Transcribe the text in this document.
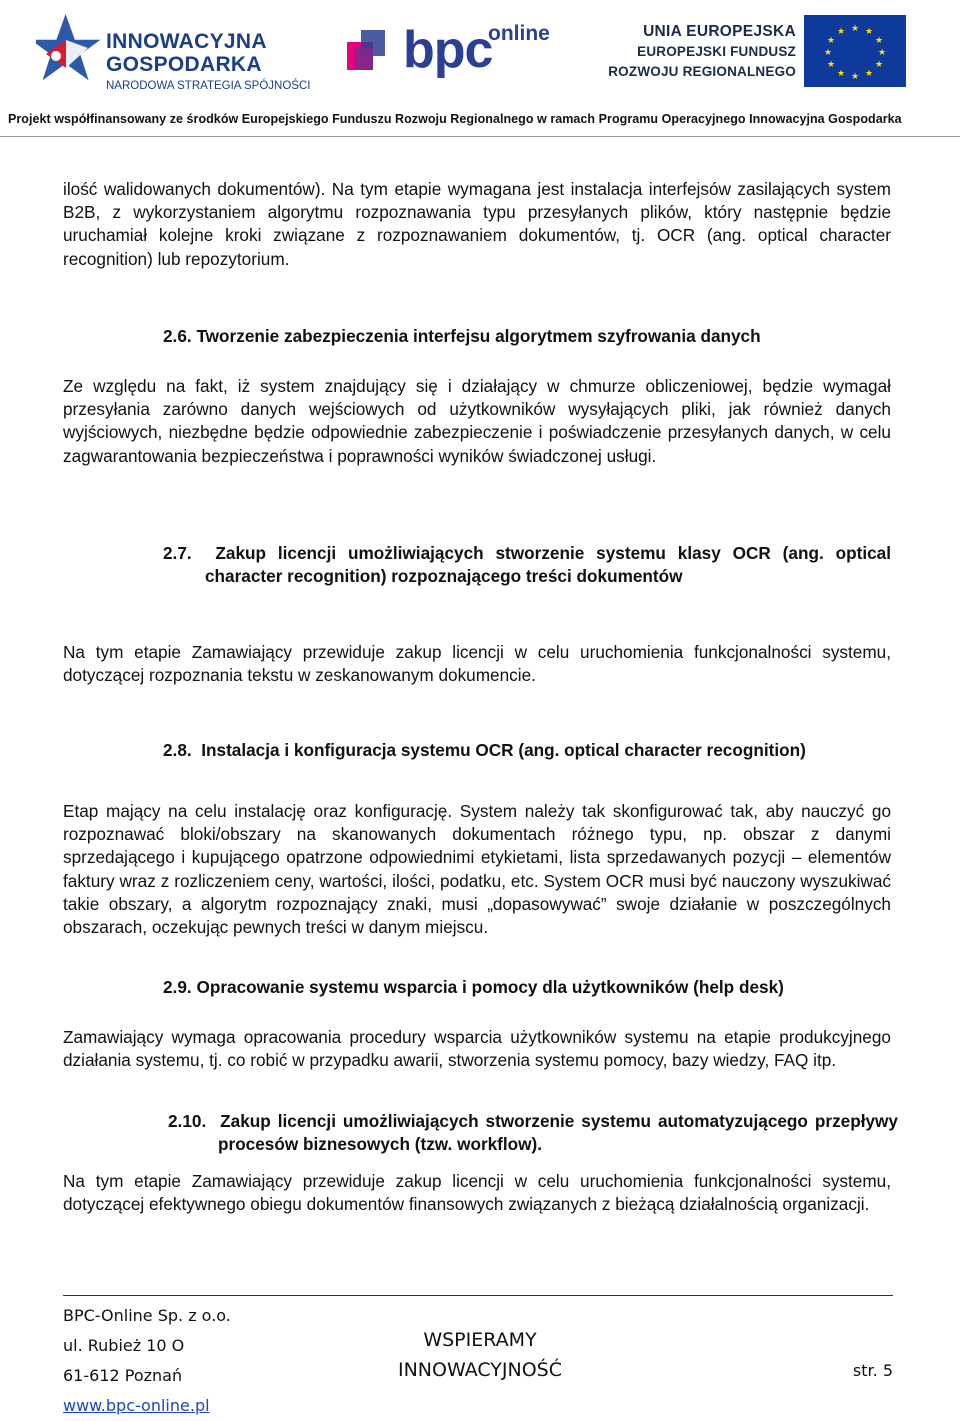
INNOWACYJNA
GOSPODARKA
NARODOWA STRATEGIA SPÓJNOŚCI
bpc
online	UNIA EUROPEJSKA
EUROPEJSKI FUNDUSZ
ROZWOJU REGIONALNEGO
★ ★
★
★
★
★
★
★
★
★
★
★
Projekt współfinansowany ze środków Europejskiego Funduszu Rozwoju Regionalnego w ramach Programu Operacyjnego Innowacyjna Gospodarka

ilość walidowanych dokumentów). Na tym etapie wymagana jest instalacja interfejsów zasilających system B2B, z wykorzystaniem algorytmu rozpoznawania typu przesyłanych plików, który następnie będzie uruchamiał kolejne kroki związane z rozpoznawaniem dokumentów, tj. OCR (ang. optical character recognition) lub repozytorium.

2.6. Tworzenie zabezpieczenia interfejsu algorytmem szyfrowania danych

Ze względu na fakt, iż system znajdujący się i działający w chmurze obliczeniowej, będzie wymagał przesyłania zarówno danych wejściowych od użytkowników wysyłających pliki, jak również danych wyjściowych, niezbędne będzie odpowiednie zabezpieczenie i poświadczenie przesyłanych danych, w celu zagwarantowania bezpieczeństwa i poprawności wyników świadczonej usługi.

2.7. Zakup licencji umożliwiających stworzenie systemu klasy OCR (ang. optical character recognition) rozpoznającego treści dokumentów

Na tym etapie Zamawiający przewiduje zakup licencji w celu uruchomienia funkcjonalności systemu, dotyczącej rozpoznania tekstu w zeskanowanym dokumencie.

2.8. Instalacja i konfiguracja systemu OCR (ang. optical character recognition)

Etap mający na celu instalację oraz konfigurację. System należy tak skonfigurować tak, aby nauczyć go rozpoznawać bloki/obszary na skanowanych dokumentach różnego typu, np. obszar z danymi sprzedającego i kupującego opatrzone odpowiednimi etykietami, lista sprzedawanych pozycji – elementów faktury wraz z rozliczeniem ceny, wartości, ilości, podatku, etc. System OCR musi być nauczony wyszukiwać takie obszary, a algorytm rozpoznający znaki, musi „dopasowywać” swoje działanie w poszczególnych obszarach, oczekując pewnych treści w danym miejscu.

2.9. Opracowanie systemu wsparcia i pomocy dla użytkowników (help desk)

Zamawiający wymaga opracowania procedury wsparcia użytkowników systemu na etapie produkcyjnego działania systemu, tj. co robić w przypadku awarii, stworzenia systemu pomocy, bazy wiedzy, FAQ itp.

2.10. Zakup licencji umożliwiających stworzenie systemu automatyzującego przepływy procesów biznesowych (tzw. workflow).

Na tym etapie Zamawiający przewiduje zakup licencji w celu uruchomienia funkcjonalności systemu, dotyczącej efektywnego obiegu dokumentów finansowych związanych z bieżącą działalnością organizacji.

BPC-Online Sp. z o.o.
ul. Rubież 10 O
61-612 Poznań
www.bpc-online.pl
WSPIERAMY
INNOWACYJNOŚĆ	str. 5
